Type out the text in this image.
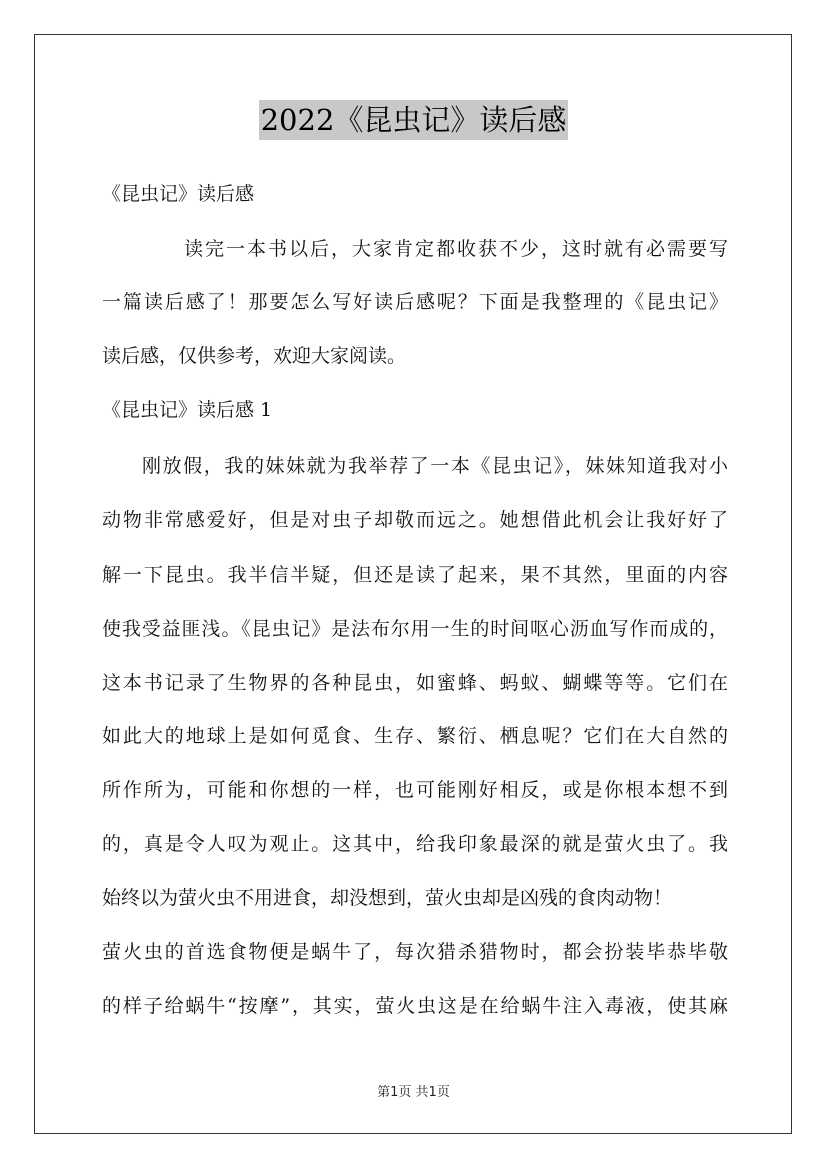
2022《昆虫记》读后感
《昆虫记》读后感
读完一本书以后，大家肯定都收获不少，这时就有必需要写
一篇读后感了！那要怎么写好读后感呢？下面是我整理的《昆虫记》
读后感，仅供参考，欢迎大家阅读。
《昆虫记》读后感 1
刚放假，我的妹妹就为我举荐了一本《昆虫记》，妹妹知道我对小
动物非常感爱好，但是对虫子却敬而远之。她想借此机会让我好好了
解一下昆虫。我半信半疑，但还是读了起来，果不其然，里面的内容
使我受益匪浅。《昆虫记》是法布尔用一生的时间呕心沥血写作而成的，
这本书记录了生物界的各种昆虫，如蜜蜂、蚂蚁、蝴蝶等等。它们在
如此大的地球上是如何觅食、生存、繁衍、栖息呢？它们在大自然的
所作所为，可能和你想的一样，也可能刚好相反，或是你根本想不到
的，真是令人叹为观止。这其中，给我印象最深的就是萤火虫了。我
始终以为萤火虫不用进食，却没想到，萤火虫却是凶残的食肉动物！
萤火虫的首选食物便是蜗牛了，每次猎杀猎物时，都会扮装毕恭毕敬
的样子给蜗牛“按摩”，其实，萤火虫这是在给蜗牛注入毒液，使其麻
第1页 共1页
